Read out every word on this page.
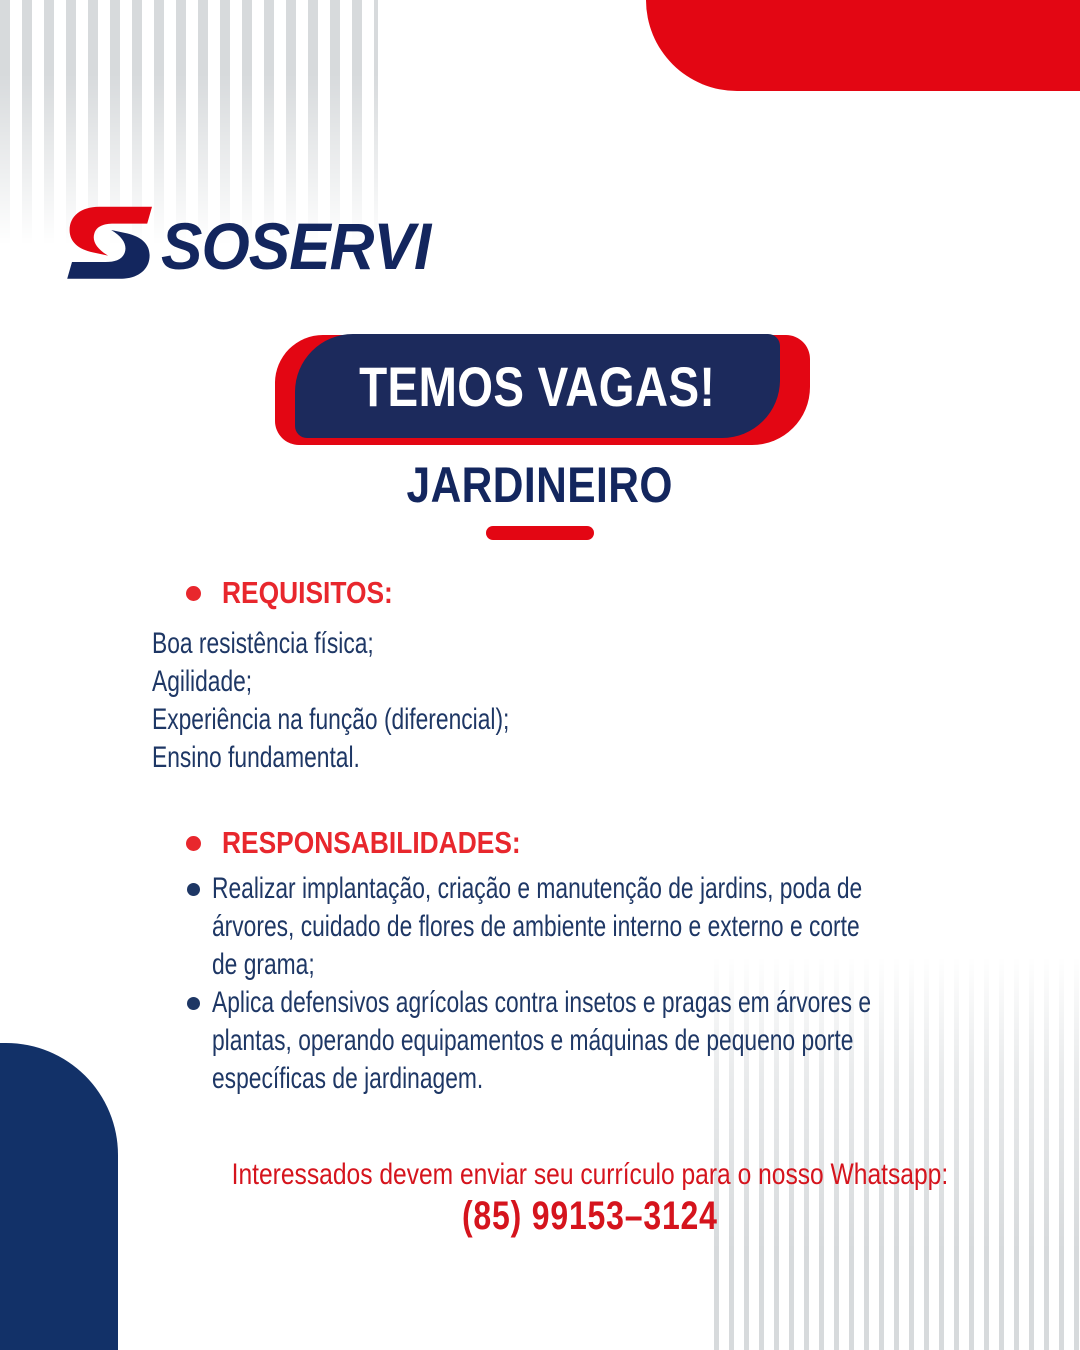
SOSERVI
TEMOS VAGAS!
JARDINEIRO
REQUISITOS:
Boa resistência física;
Agilidade;
Experiência na função (diferencial);
Ensino fundamental.
RESPONSABILIDADES:
Realizar implantação, criação e manutenção de jardins, poda de
árvores, cuidado de flores de ambiente interno e externo e corte
de grama;
Aplica defensivos agrícolas contra insetos e pragas em árvores e
plantas, operando equipamentos e máquinas de pequeno porte
específicas de jardinagem.
Interessados devem enviar seu currículo para o nosso Whatsapp:
(85) 99153–3124
